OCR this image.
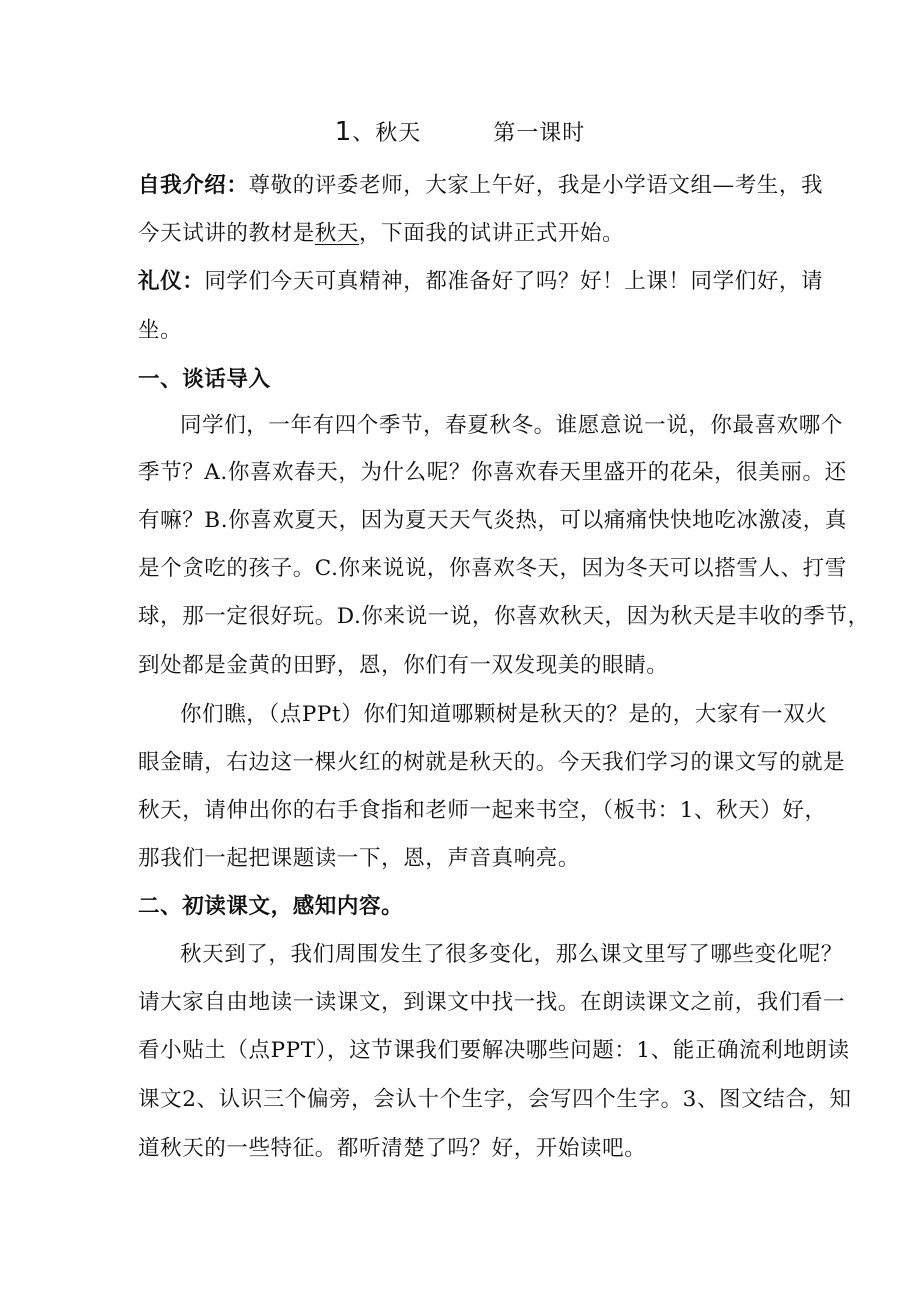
1、秋天	第一课时
自我介绍：尊敬的评委老师，大家上午好，我是小学语文组—考生，我
今天试讲的教材是秋天，下面我的试讲正式开始。
礼仪：同学们今天可真精神，都准备好了吗？好！上课！同学们好，请
坐。
一、谈话导入
同学们，一年有四个季节，春夏秋冬。谁愿意说一说，你最喜欢哪个
季节？A.你喜欢春天，为什么呢？你喜欢春天里盛开的花朵，很美丽。还
有嘛？B.你喜欢夏天，因为夏天天气炎热，可以痛痛快快地吃冰激凌，真
是个贪吃的孩子。C.你来说说，你喜欢冬天，因为冬天可以搭雪人、打雪
球，那一定很好玩。D.你来说一说，你喜欢秋天，因为秋天是丰收的季节，
到处都是金黄的田野，恩，你们有一双发现美的眼睛。
你们瞧，（点PPt）你们知道哪颗树是秋天的？是的，大家有一双火
眼金睛，右边这一棵火红的树就是秋天的。今天我们学习的课文写的就是
秋天，请伸出你的右手食指和老师一起来书空，（板书：1、秋天）好，
那我们一起把课题读一下，恩，声音真响亮。
二、初读课文，感知内容。
秋天到了，我们周围发生了很多变化，那么课文里写了哪些变化呢？
请大家自由地读一读课文，到课文中找一找。在朗读课文之前，我们看一
看小贴土（点PPT），这节课我们要解决哪些问题：1、能正确流利地朗读
课文2、认识三个偏旁，会认十个生字，会写四个生字。3、图文结合，知
道秋天的一些特征。都听清楚了吗？好，开始读吧。
